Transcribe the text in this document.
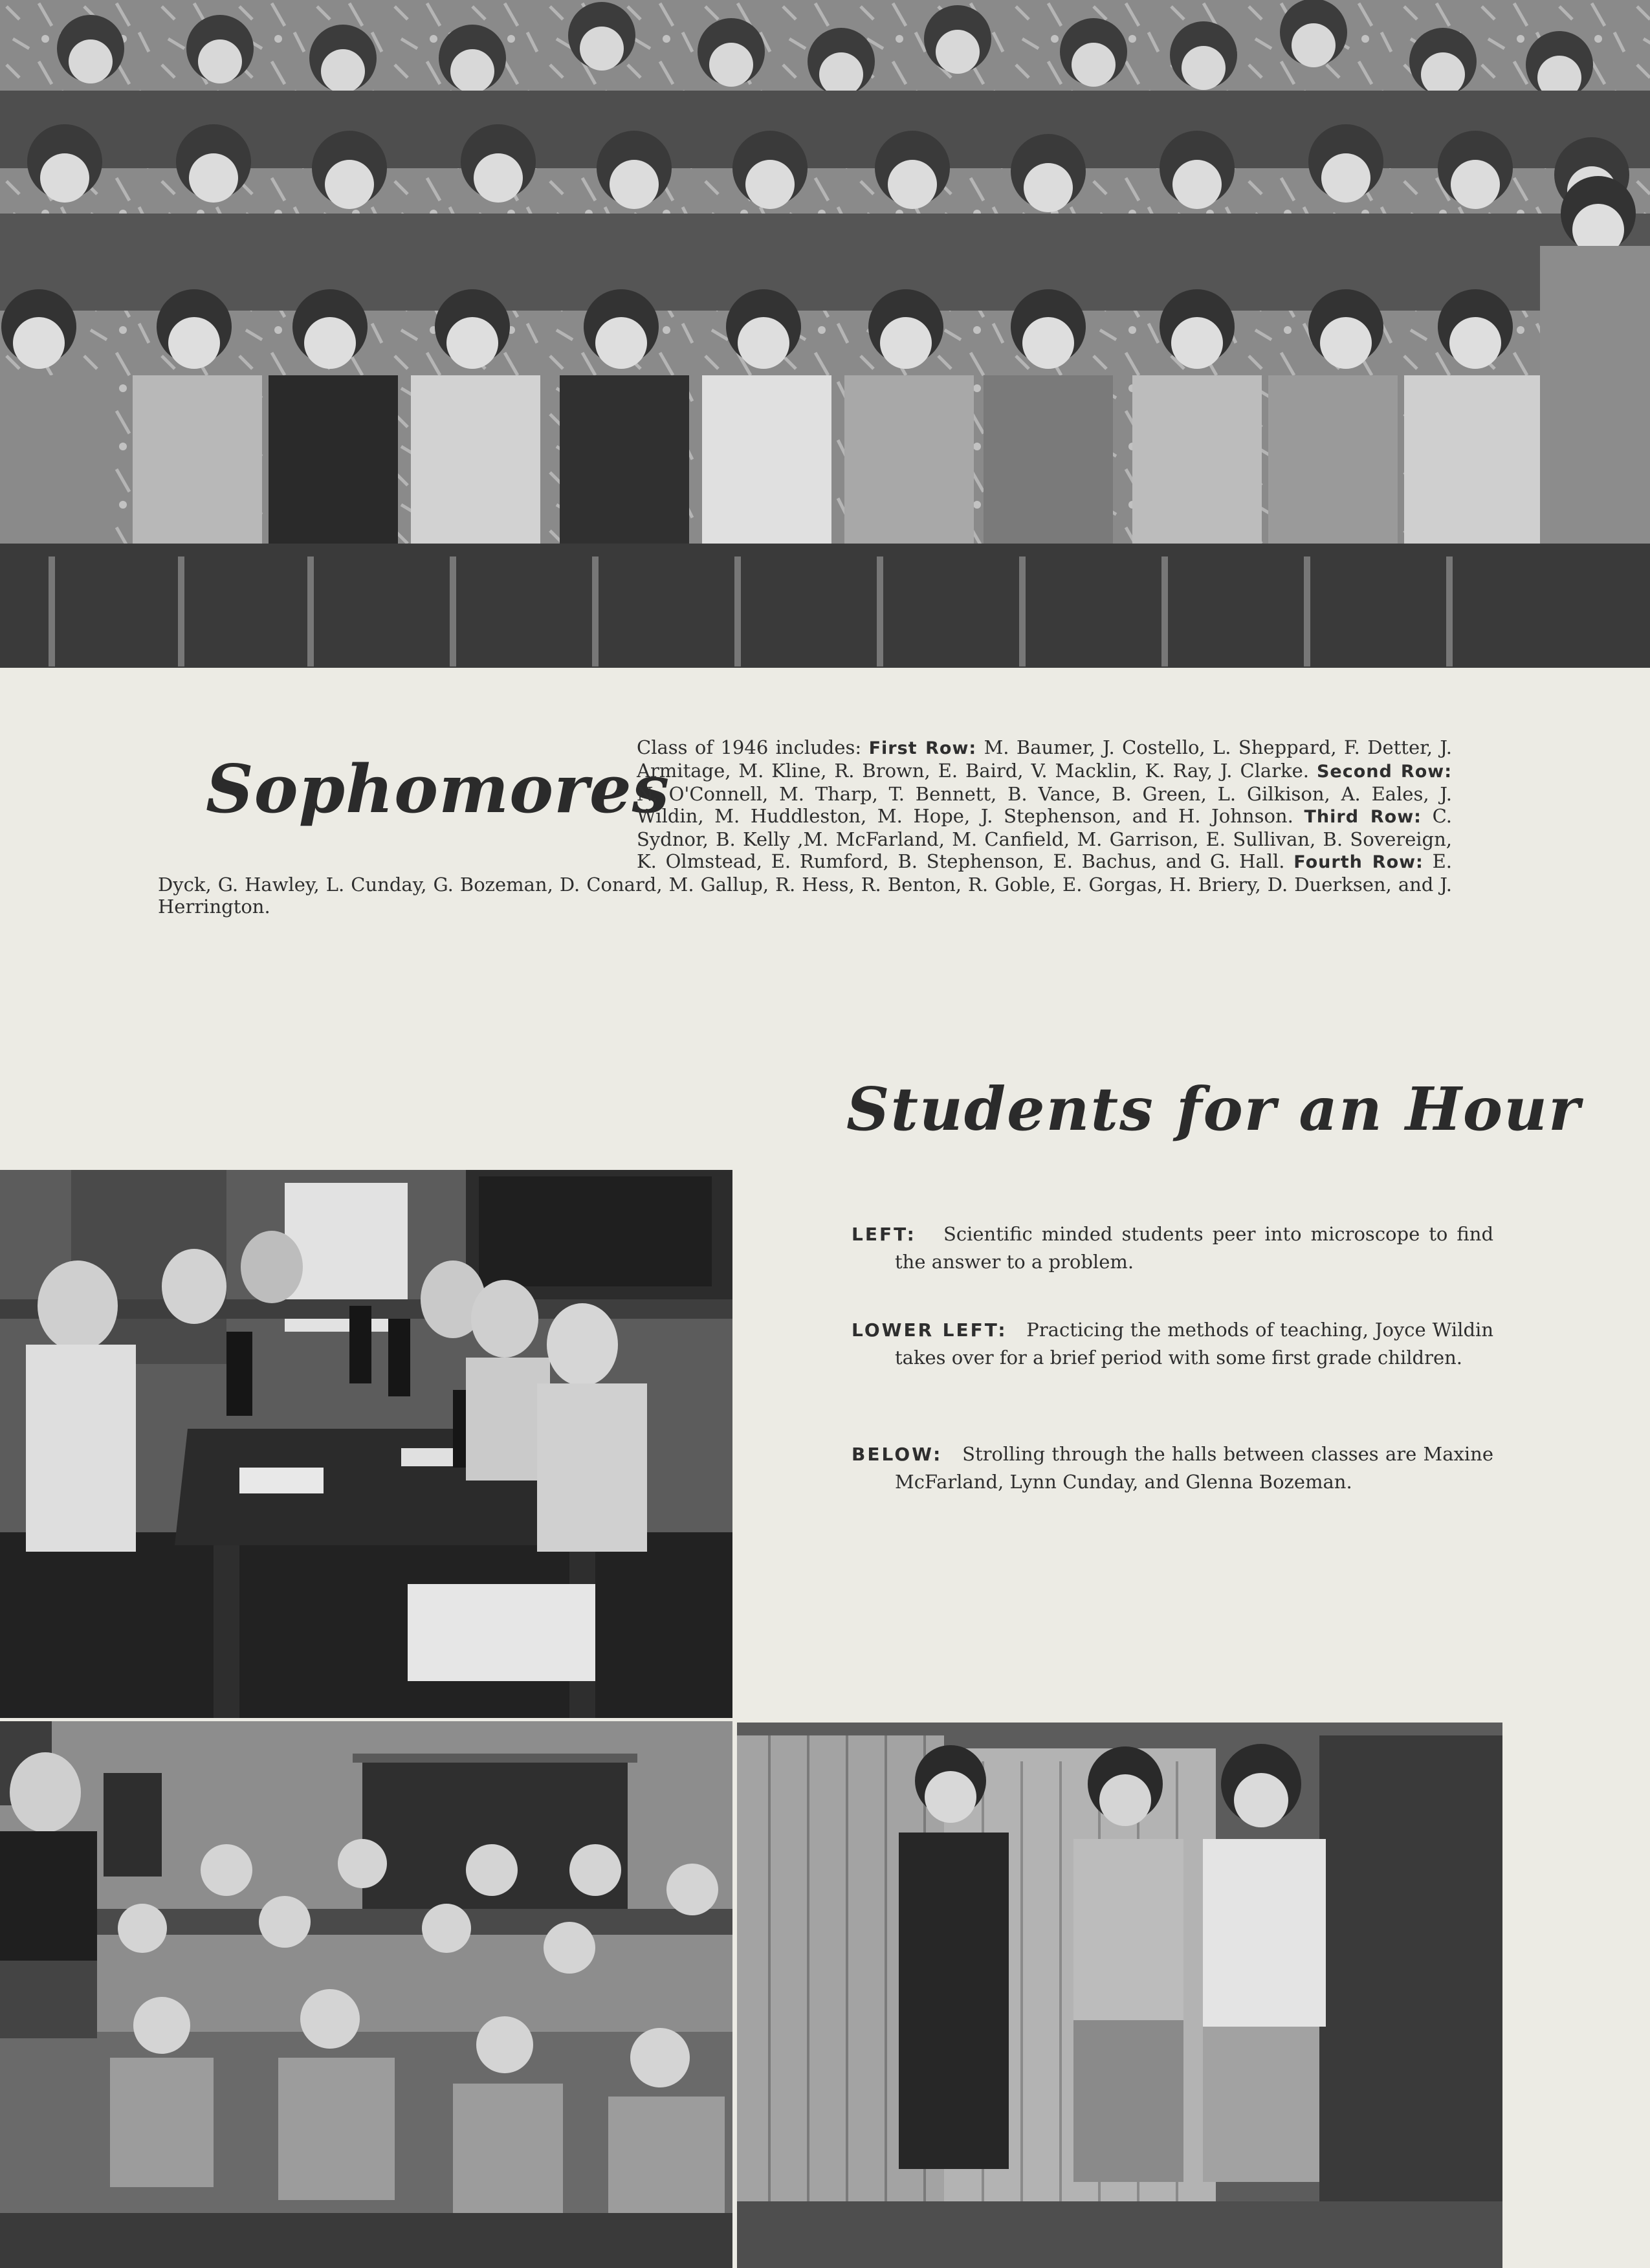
Sophomores
Class of 1946 includes: First Row: M. Baumer, J. Costello, L. Sheppard, F. Detter, J. Armitage, M. Kline, R. Brown, E. Baird, V. Macklin, K. Ray, J. Clarke. Second Row: N. O'Connell, M. Tharp, T. Bennett, B. Vance, B. Green, L. Gilkison, A. Eales, J. Wildin, M. Huddleston, M. Hope, J. Stephenson, and H. Johnson. Third Row: C. Sydnor, B. Kelly ,M. McFarland, M. Canfield, M. Garrison, E. Sullivan, B. Sovereign, K. Olmstead, E. Rumford, B. Stephenson, E. Bachus, and G. Hall. Fourth Row: E. Dyck, G. Hawley, L. Cunday, G. Bozeman, D. Conard, M. Gallup, R. Hess, R. Benton, R. Goble, E. Gorgas, H. Briery, D. Duerksen, and J. Herrington.
Students for an Hour

LEFT: Scientific minded students peer into microscope to find the answer to a problem.

LOWER LEFT: Practicing the methods of teaching, Joyce Wildin takes over for a brief period with some first grade children.

BELOW: Strolling through the halls between classes are Maxine McFarland, Lynn Cunday, and Glenna Bozeman.
